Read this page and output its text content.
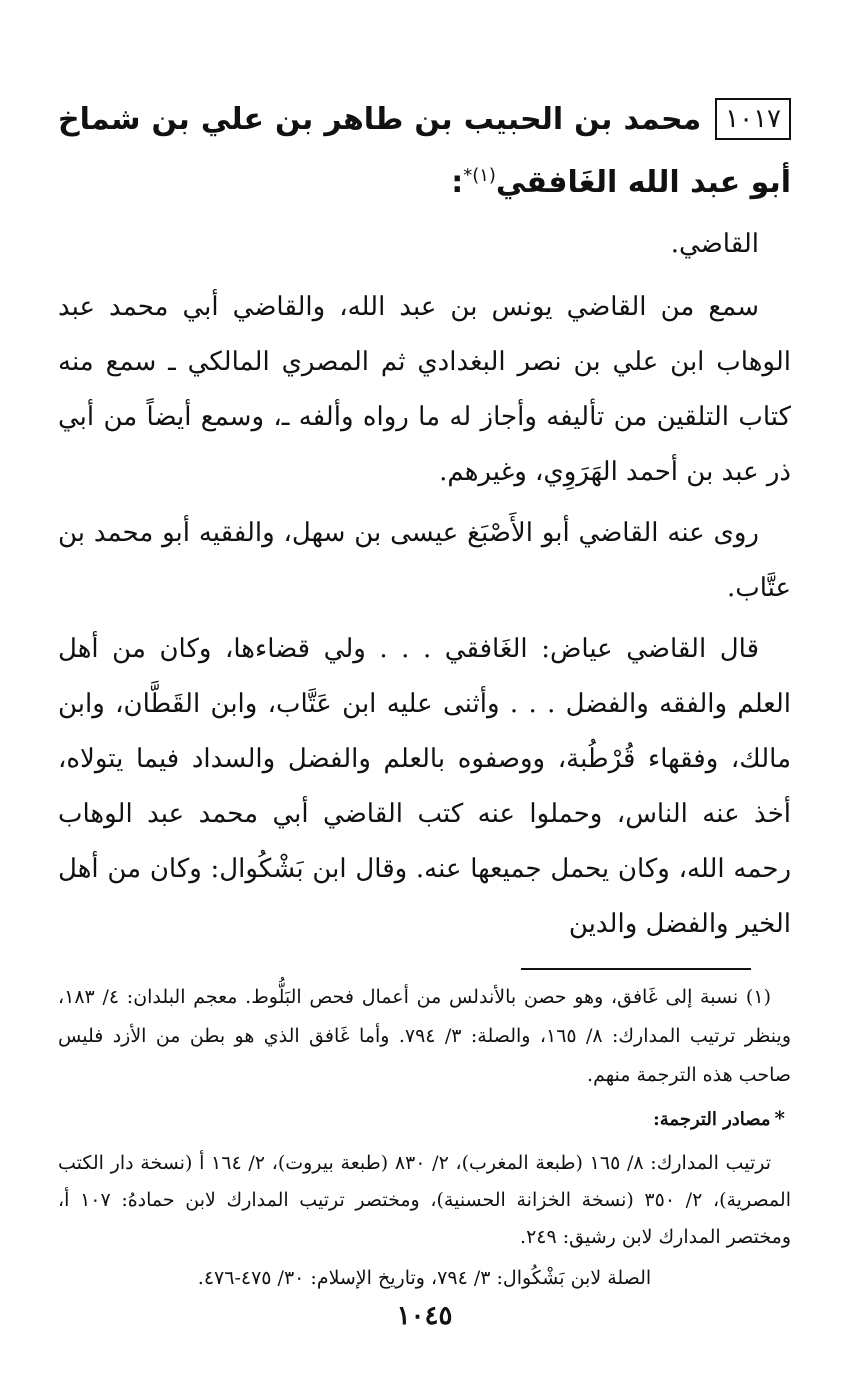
١٠١٧محمد بن الحبيب بن طاهر بن علي بن شماخ أبو عبد الله الغَافقي$^{(١)*}$:

القاضي.

سمع من القاضي يونس بن عبد الله، والقاضي أبي محمد عبد الوهاب ابن علي بن نصر البغدادي ثم المصري المالكي ـ سمع منه كتاب التلقين من تأليفه وأجاز له ما رواه وألفه ـ، وسمع أيضاً من أبي ذر عبد بن أحمد الهَرَوِي، وغيرهم.

روى عنه القاضي أبو الأَصْبَغ عيسى بن سهل، والفقيه أبو محمد بن عتَّاب.

قال القاضي عياض: الغَافقي . . . ولي قضاءها، وكان من أهل العلم والفقه والفضل . . . وأثنى عليه ابن عَتَّاب، وابن القَطَّان، وابن مالك، وفقهاء قُرْطُبة، ووصفوه بالعلم والفضل والسداد فيما يتولاه، أخذ عنه الناس، وحملوا عنه كتب القاضي أبي محمد عبد الوهاب رحمه الله، وكان يحمل جميعها عنه. وقال ابن بَشْكُوال: وكان من أهل الخير والفضل والدين

(١) نسبة إلى غَافق، وهو حصن بالأندلس من أعمال فحص البَلُّوط. معجم البلدان: ٤/ ١٨٣، وينظر ترتيب المدارك: ٨/ ١٦٥، والصلة: ٣/ ٧٩٤. وأما غَافق الذي هو بطن من الأزد فليس صاحب هذه الترجمة منهم.

*مصادر الترجمة:

ترتيب المدارك: ٨/ ١٦٥ (طبعة المغرب)، ٢/ ٨٣٠ (طبعة بيروت)، ٢/ ١٦٤ أ (نسخة دار الكتب المصرية)، ٢/ ٣٥٠ (نسخة الخزانة الحسنية)، ومختصر ترتيب المدارك لابن حمادهُ: ١٠٧ أ، ومختصر المدارك لابن رشيق: ٢٤٩.

الصلة لابن بَشْكُوال: ٣/ ٧٩٤، وتاريخ الإسلام: ٣٠/ ٤٧٥-٤٧٦.

١٠٤٥
